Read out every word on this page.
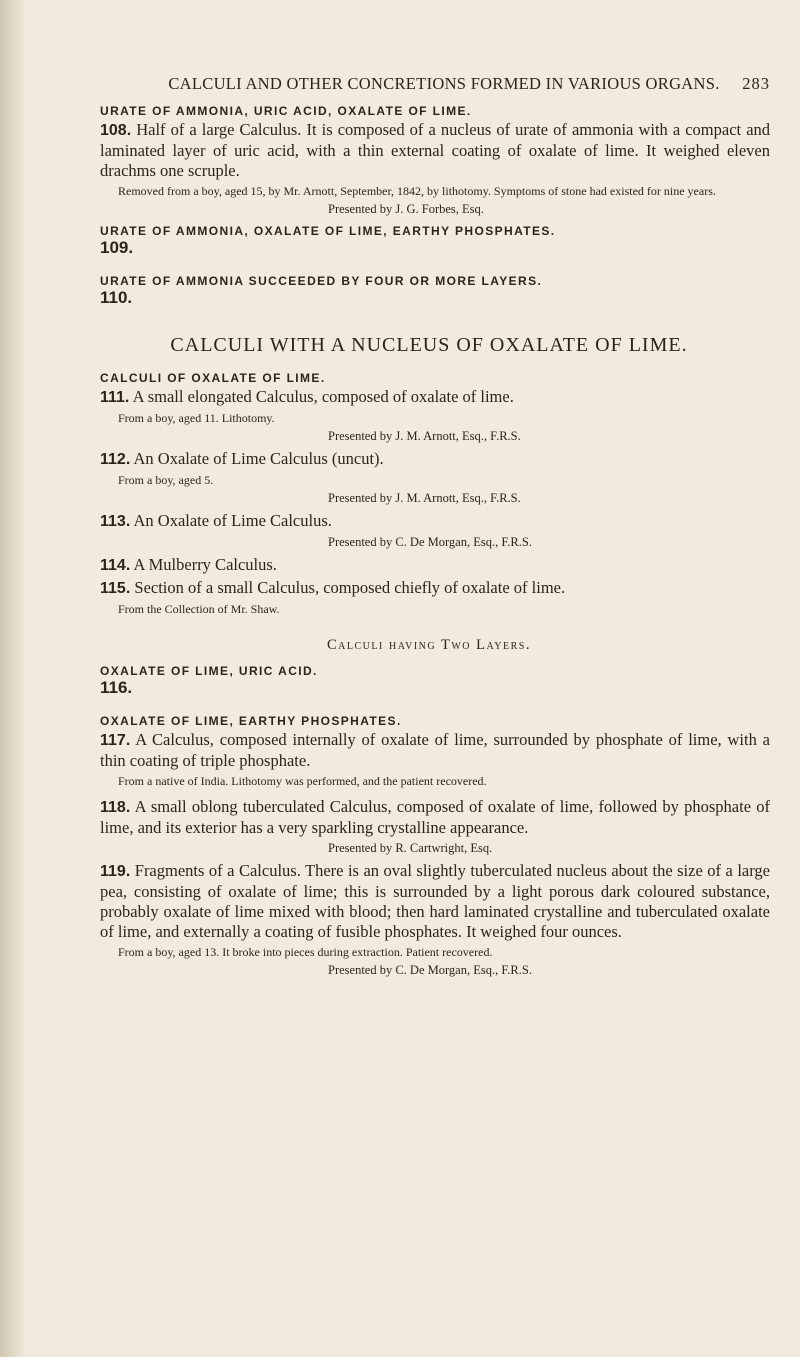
CALCULI AND OTHER CONCRETIONS FORMED IN VARIOUS ORGANS. 283
URATE OF AMMONIA, URIC ACID, OXALATE OF LIME.

108. Half of a large Calculus. It is composed of a nucleus of urate of ammonia with a compact and laminated layer of uric acid, with a thin external coating of oxalate of lime. It weighed eleven drachms one scruple.

Removed from a boy, aged 15, by Mr. Arnott, September, 1842, by lithotomy. Symptoms of stone had existed for nine years.

Presented by J. G. Forbes, Esq.

URATE OF AMMONIA, OXALATE OF LIME, EARTHY PHOSPHATES.
109.
URATE OF AMMONIA SUCCEEDED BY FOUR OR MORE LAYERS.
110.
CALCULI WITH A NUCLEUS OF OXALATE OF LIME.
CALCULI OF OXALATE OF LIME.

111. A small elongated Calculus, composed of oxalate of lime.

From a boy, aged 11. Lithotomy.

Presented by J. M. Arnott, Esq., F.R.S.

112. An Oxalate of Lime Calculus (uncut).

From a boy, aged 5.

Presented by J. M. Arnott, Esq., F.R.S.

113. An Oxalate of Lime Calculus.

Presented by C. De Morgan, Esq., F.R.S.

114. A Mulberry Calculus.

115. Section of a small Calculus, composed chiefly of oxalate of lime.

From the Collection of Mr. Shaw.

Calculi having Two Layers.
OXALATE OF LIME, URIC ACID.
116.
OXALATE OF LIME, EARTHY PHOSPHATES.

117. A Calculus, composed internally of oxalate of lime, surrounded by phosphate of lime, with a thin coating of triple phosphate.

From a native of India. Lithotomy was performed, and the patient recovered.

118. A small oblong tuberculated Calculus, composed of oxalate of lime, followed by phosphate of lime, and its exterior has a very sparkling crystalline appearance.

Presented by R. Cartwright, Esq.

119. Fragments of a Calculus. There is an oval slightly tuberculated nucleus about the size of a large pea, consisting of oxalate of lime; this is surrounded by a light porous dark coloured substance, probably oxalate of lime mixed with blood; then hard laminated crystalline and tuberculated oxalate of lime, and externally a coating of fusible phosphates. It weighed four ounces.

From a boy, aged 13. It broke into pieces during extraction. Patient recovered.

Presented by C. De Morgan, Esq., F.R.S.
